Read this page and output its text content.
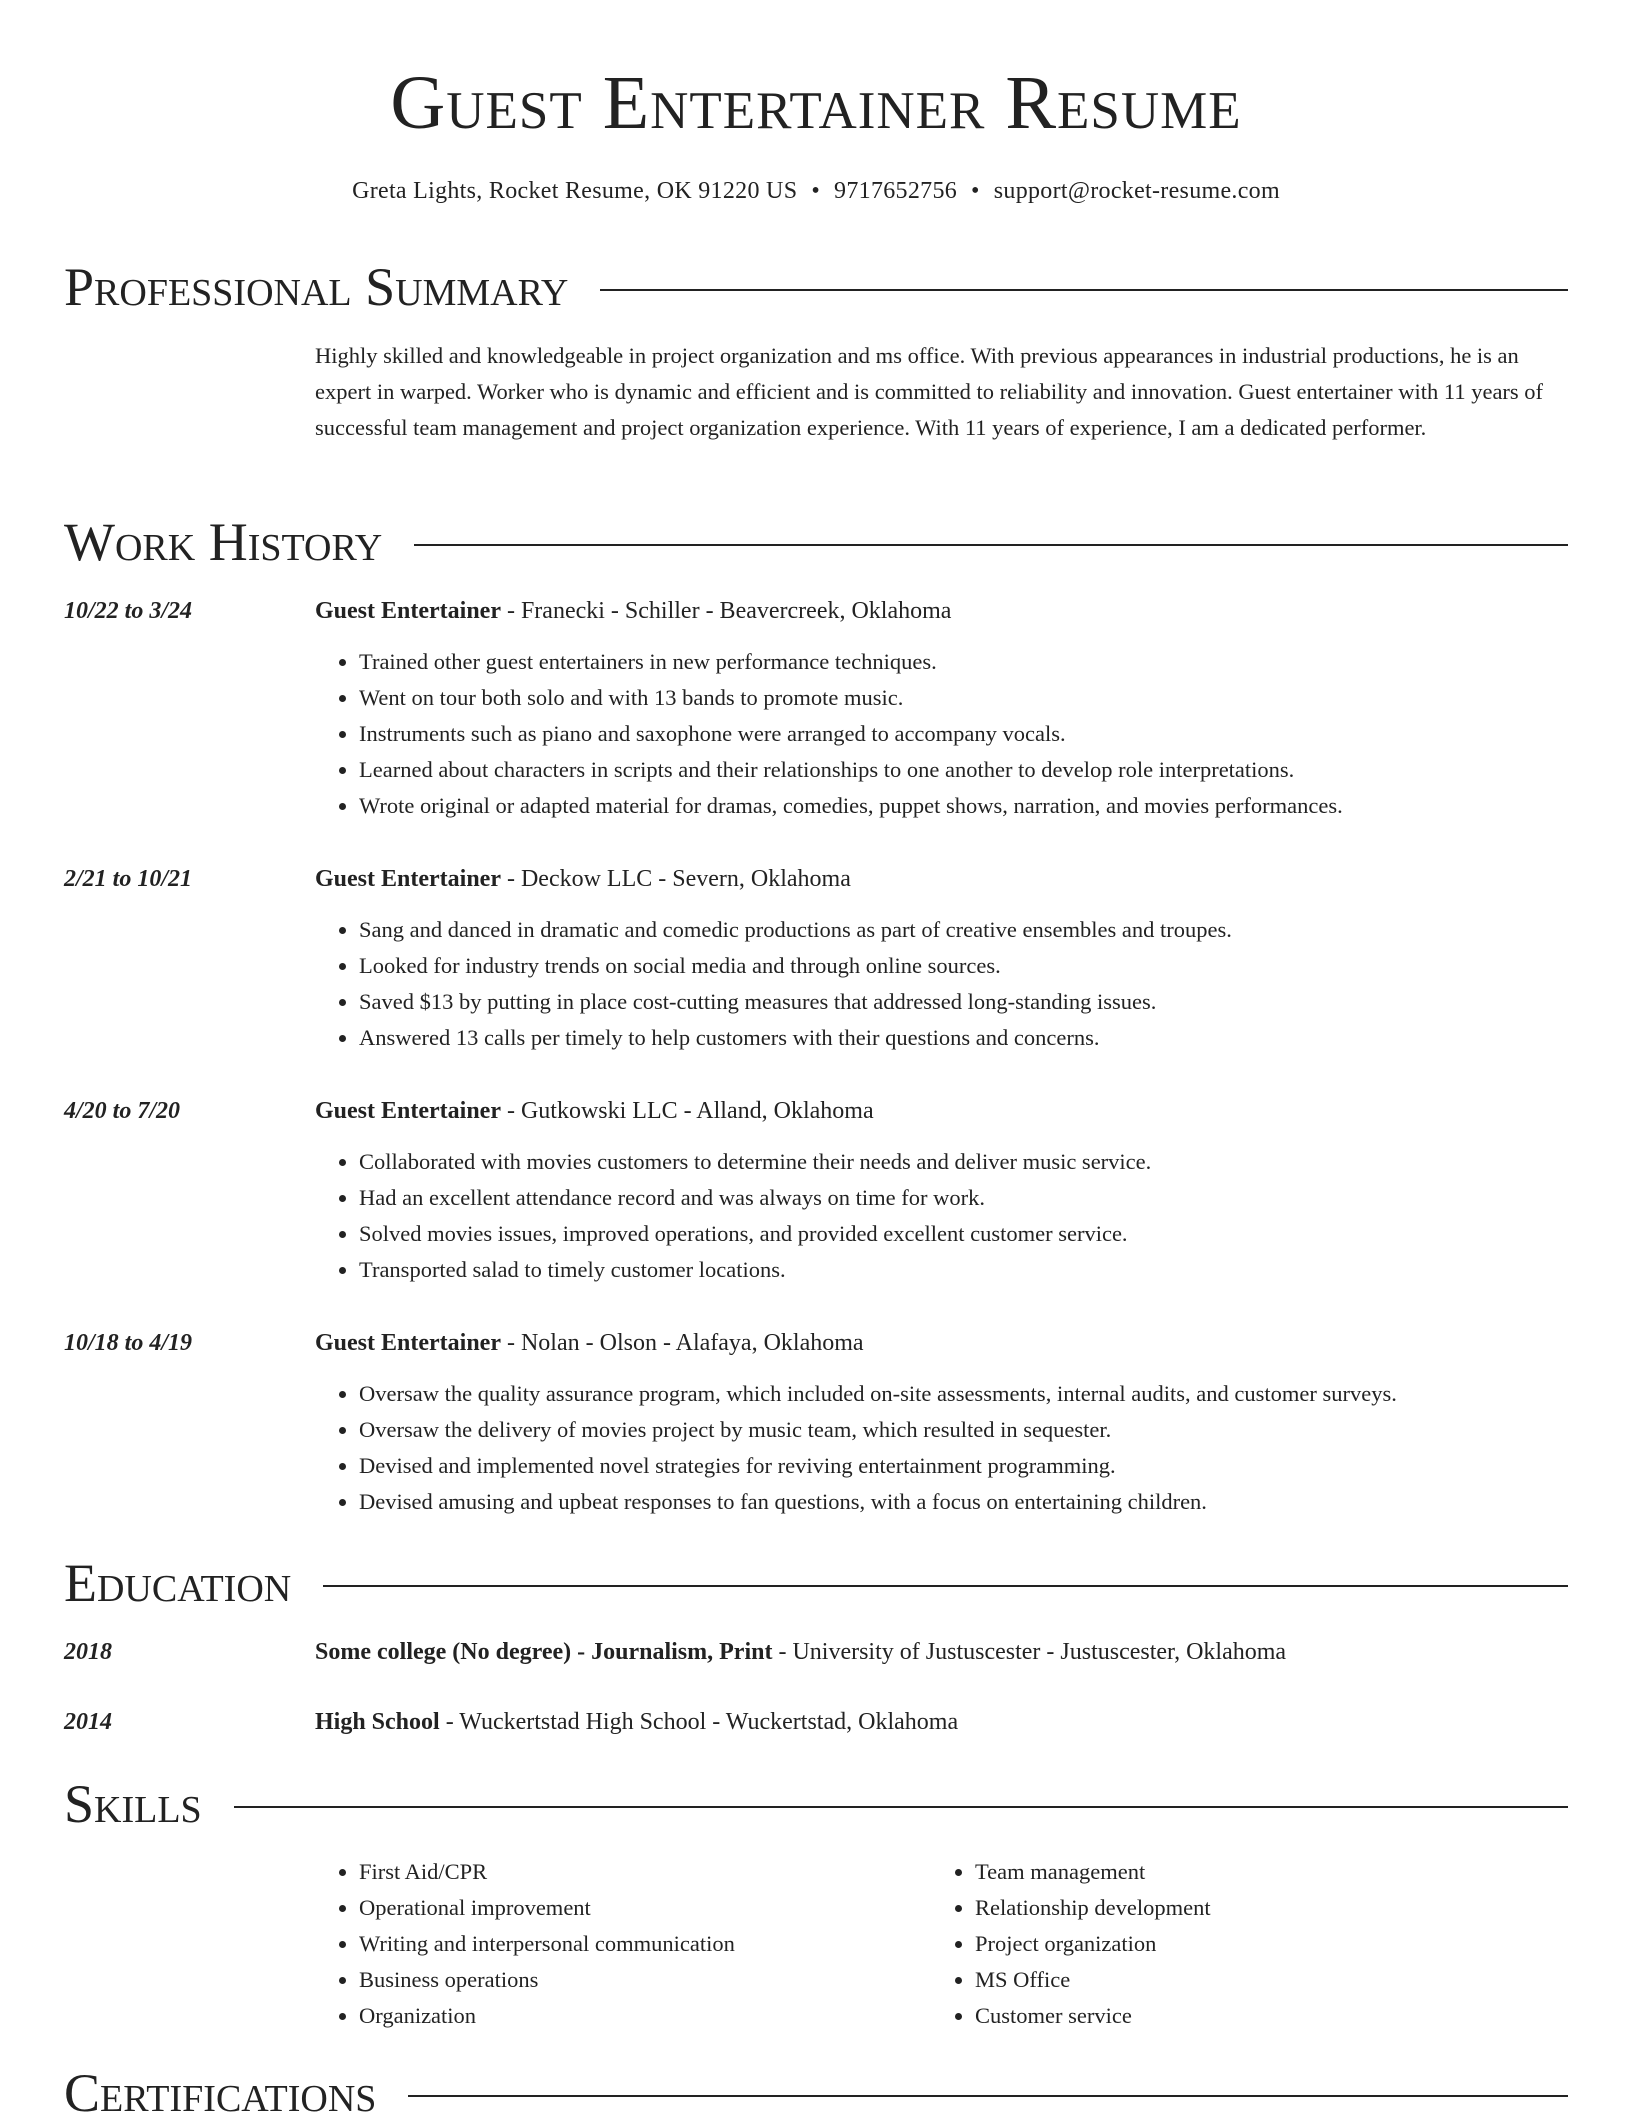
Guest Entertainer Resume
Greta Lights, Rocket Resume, OK 91220 US • 9717652756 • support@rocket-resume.com
Professional Summary

Highly skilled and knowledgeable in project organization and ms office. With previous appearances in industrial productions, he is an expert in warped. Worker who is dynamic and efficient and is committed to reliability and innovation. Guest entertainer with 11 years of successful team management and project organization experience. With 11 years of experience, I am a dedicated performer.

Work History
10/22 to 3/24	Guest Entertainer - Franecki - Schiller - Beavercreek, Oklahoma
• Trained other guest entertainers in new performance techniques.
• Went on tour both solo and with 13 bands to promote music.
• Instruments such as piano and saxophone were arranged to accompany vocals.
• Learned about characters in scripts and their relationships to one another to develop role interpretations.
• Wrote original or adapted material for dramas, comedies, puppet shows, narration, and movies performances.
2/21 to 10/21	Guest Entertainer - Deckow LLC - Severn, Oklahoma
• Sang and danced in dramatic and comedic productions as part of creative ensembles and troupes.
• Looked for industry trends on social media and through online sources.
• Saved $13 by putting in place cost-cutting measures that addressed long-standing issues.
• Answered 13 calls per timely to help customers with their questions and concerns.
4/20 to 7/20	Guest Entertainer - Gutkowski LLC - Alland, Oklahoma
• Collaborated with movies customers to determine their needs and deliver music service.
• Had an excellent attendance record and was always on time for work.
• Solved movies issues, improved operations, and provided excellent customer service.
• Transported salad to timely customer locations.
10/18 to 4/19	Guest Entertainer - Nolan - Olson - Alafaya, Oklahoma
• Oversaw the quality assurance program, which included on-site assessments, internal audits, and customer surveys.
• Oversaw the delivery of movies project by music team, which resulted in sequester.
• Devised and implemented novel strategies for reviving entertainment programming.
• Devised amusing and upbeat responses to fan questions, with a focus on entertaining children.
Education
2018	Some college (No degree) - Journalism, Print - University of Justuscester - Justuscester, Oklahoma
2014	High School - Wuckertstad High School - Wuckertstad, Oklahoma
Skills
• First Aid/CPR
• Operational improvement
• Writing and interpersonal communication
• Business operations
• Organization
• Team management
• Relationship development
• Project organization
• MS Office
• Customer service
Certifications
